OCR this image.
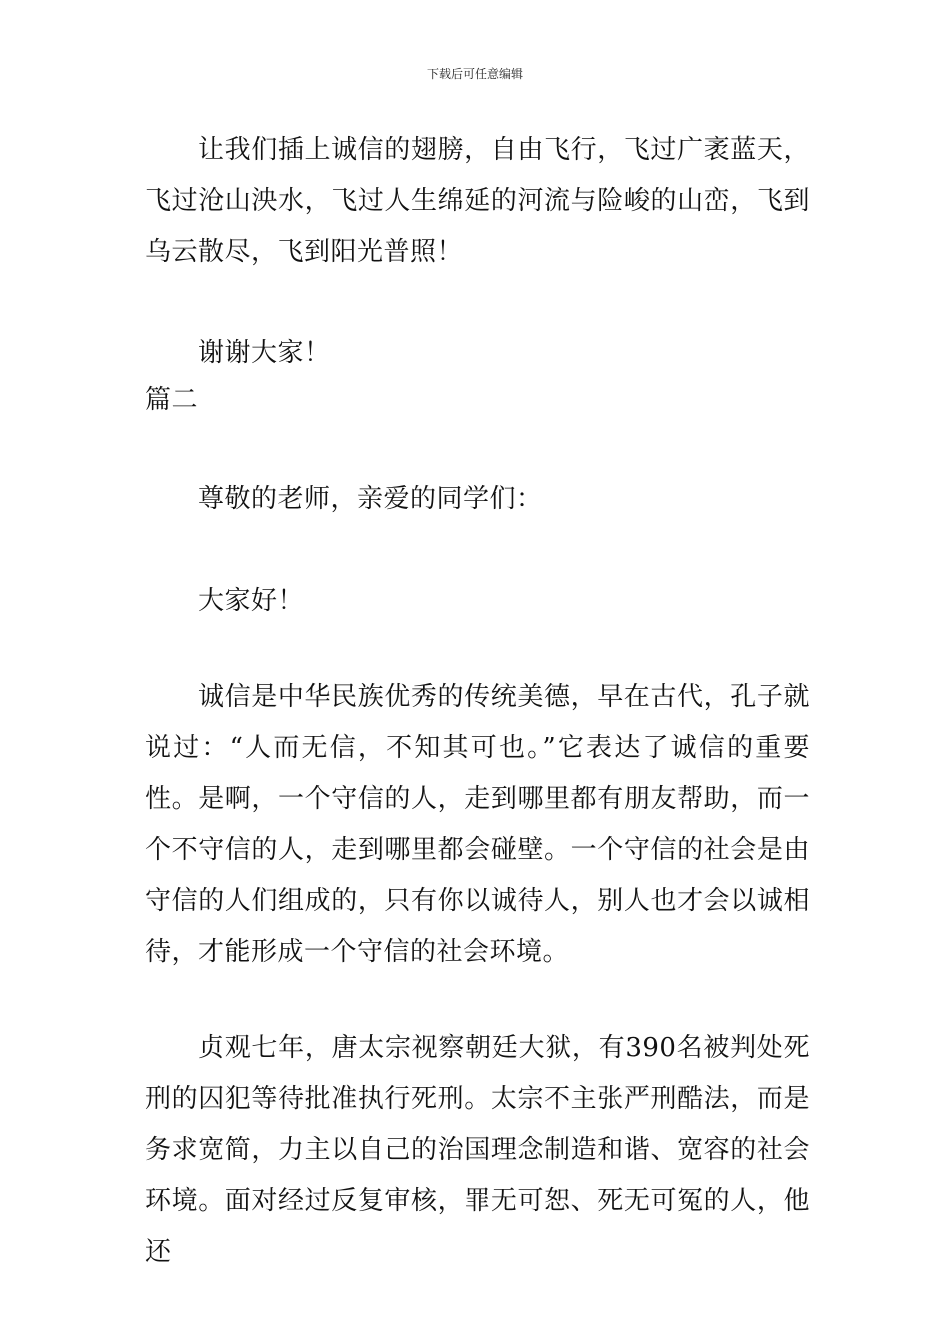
下载后可任意编辑

让我们插上诚信的翅膀，自由飞行，飞过广袤蓝天，飞过沧山泱水，飞过人生绵延的河流与险峻的山峦，飞到乌云散尽，飞到阳光普照！

谢谢大家！

篇二

尊敬的老师，亲爱的同学们：

大家好！

诚信是中华民族优秀的传统美德，早在古代，孔子就说过：“人而无信，不知其可也。”它表达了诚信的重要性。是啊，一个守信的人，走到哪里都有朋友帮助，而一个不守信的人，走到哪里都会碰壁。一个守信的社会是由守信的人们组成的，只有你以诚待人，别人也才会以诚相待，才能形成一个守信的社会环境。

贞观七年，唐太宗视察朝廷大狱，有390名被判处死刑的囚犯等待批准执行死刑。太宗不主张严刑酷法，而是务求宽简，力主以自己的治国理念制造和谐、宽容的社会环境。面对经过反复审核，罪无可恕、死无可冤的人，他还
